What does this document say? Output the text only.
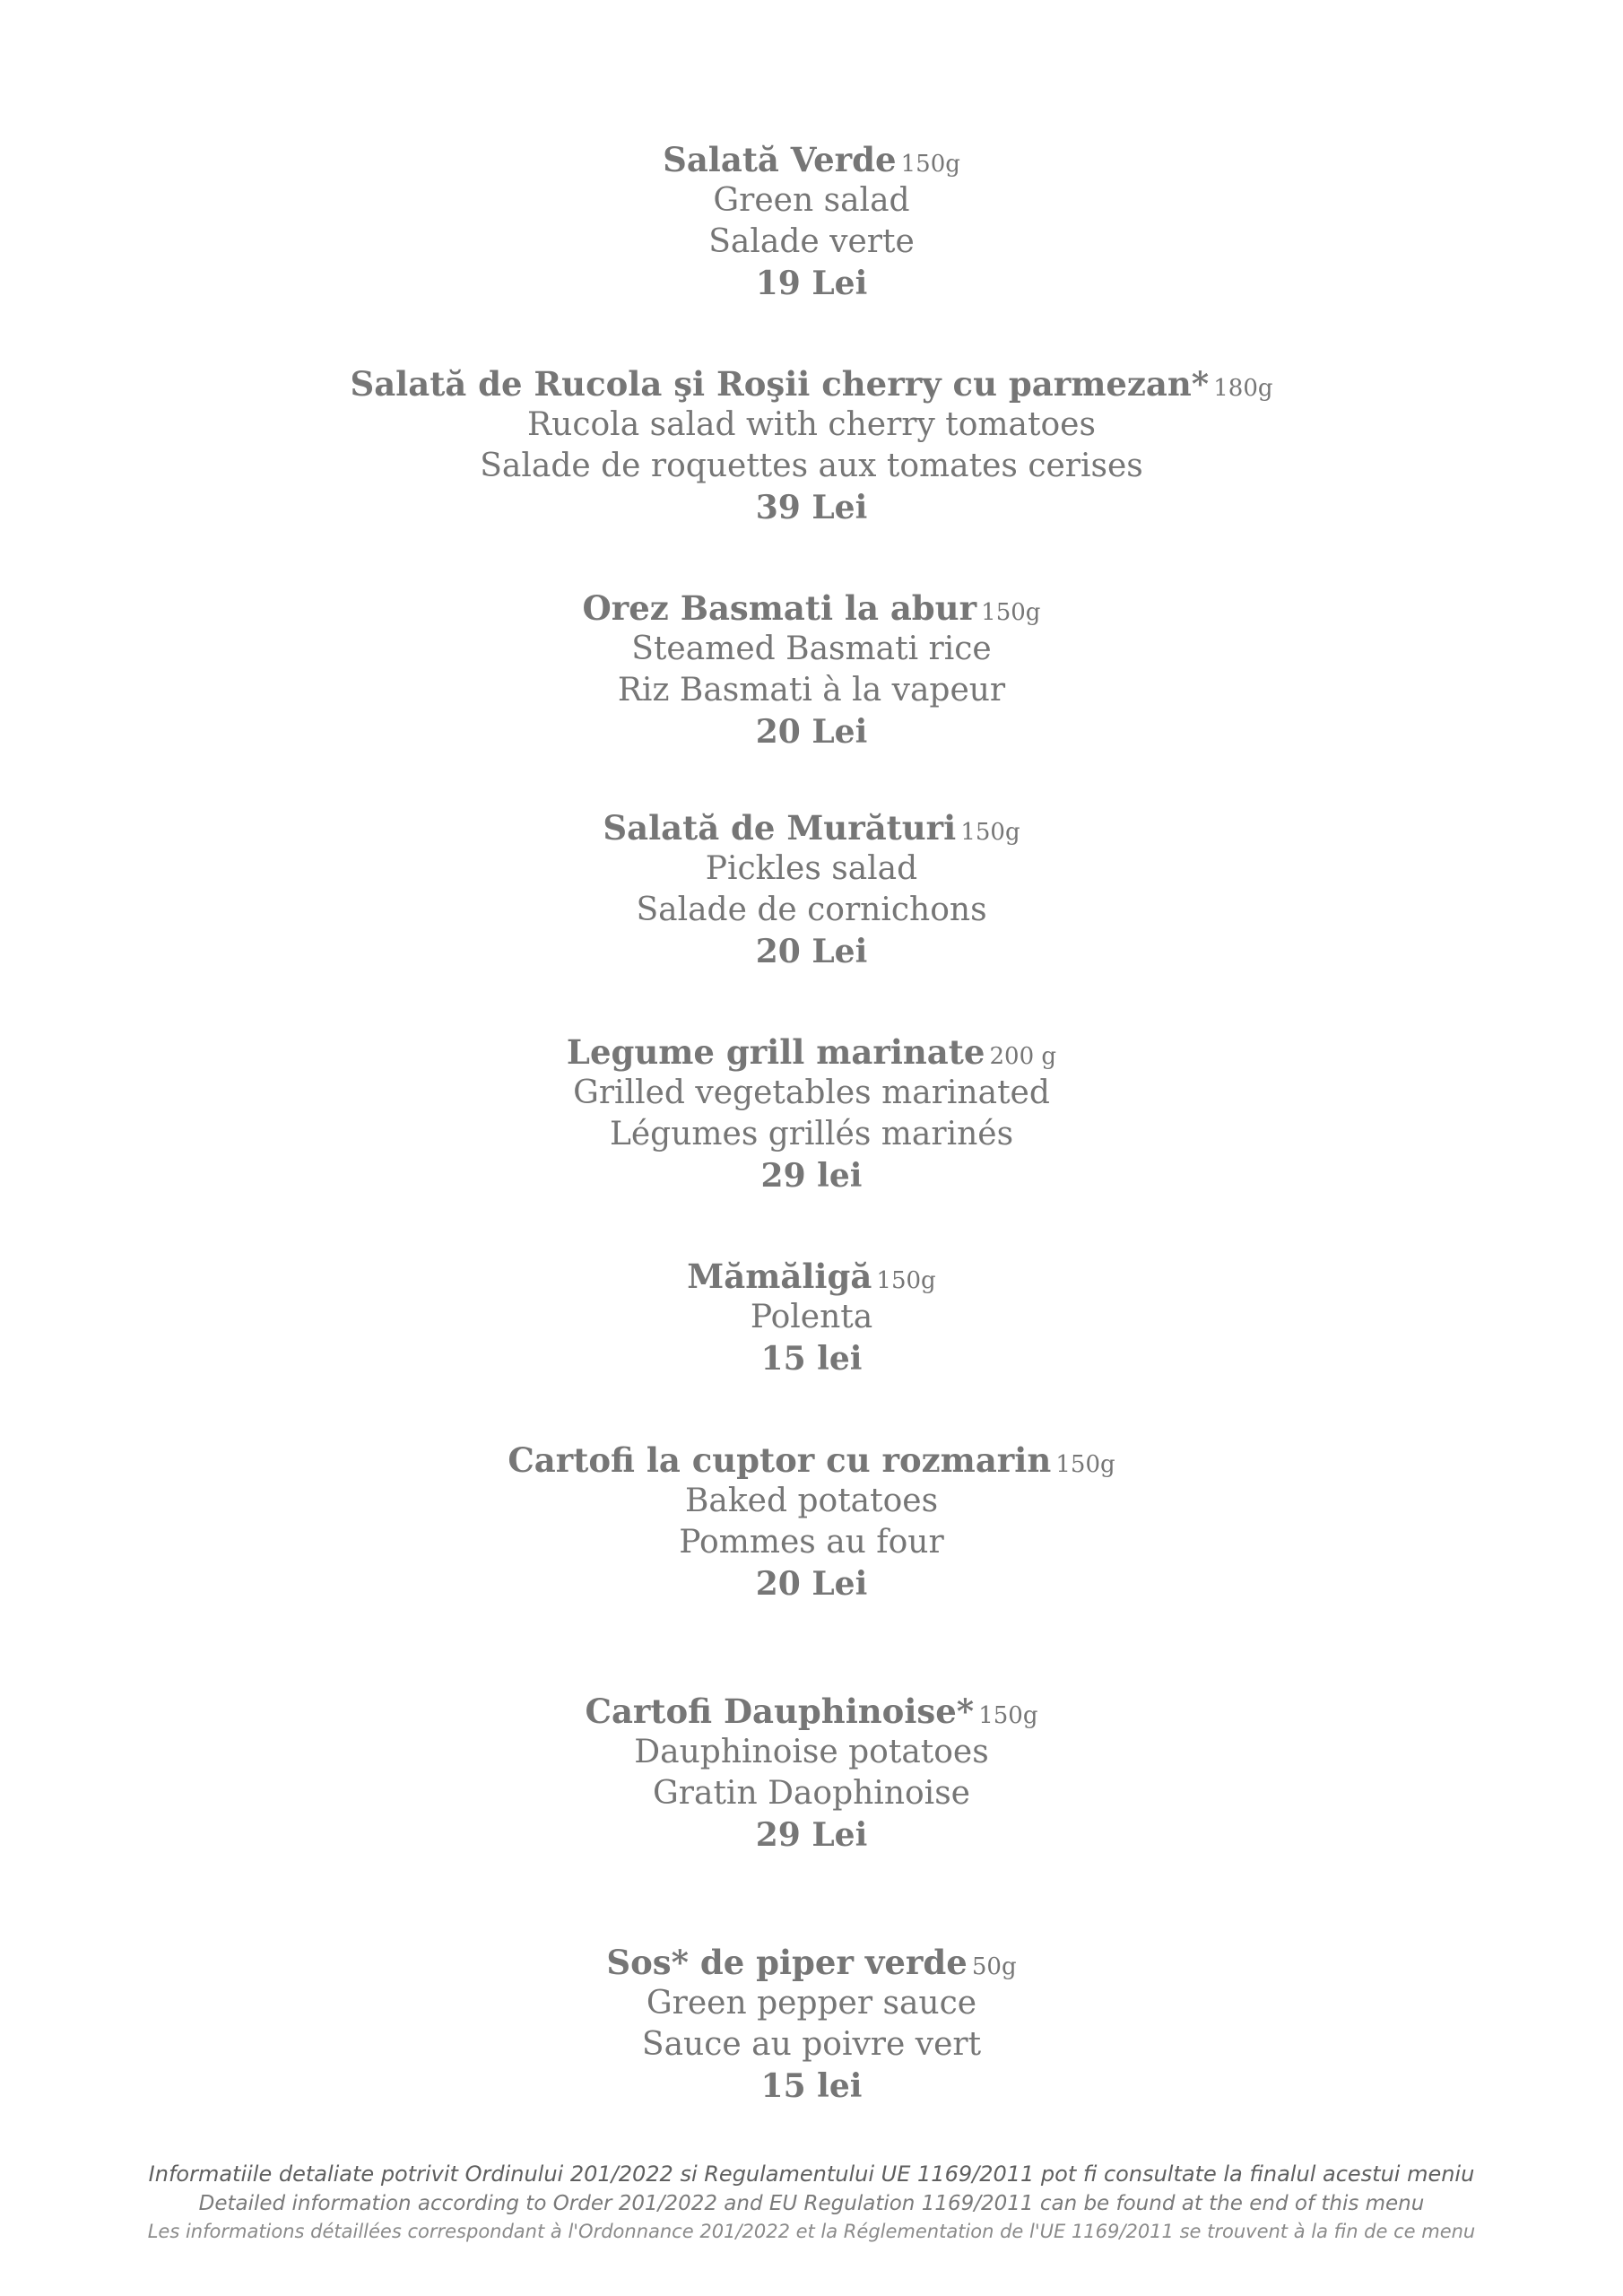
Salată Verde 150g
Green salad
Salade verte
19 Lei
Salată de Rucola şi Roşii cherry cu parmezan* 180g
Rucola salad with cherry tomatoes
Salade de roquettes aux tomates cerises
39 Lei
Orez Basmati la abur 150g
Steamed Basmati rice
Riz Basmati à la vapeur
20 Lei
Salată de Murături 150g
Pickles salad
Salade de cornichons
20 Lei
Legume grill marinate 200 g
Grilled vegetables marinated
Légumes grillés marinés
29 lei
Mămăligă 150g
Polenta
15 lei
Cartofi la cuptor cu rozmarin 150g
Baked potatoes
Pommes au four
20 Lei
Cartofi Dauphinoise* 150g
Dauphinoise potatoes
Gratin Daophinoise
29 Lei
Sos* de piper verde 50g
Green pepper sauce
Sauce au poivre vert
15 lei
Informatiile detaliate potrivit Ordinului 201/2022 si Regulamentului UE 1169/2011 pot fi consultate la finalul acestui meniu
Detailed information according to Order 201/2022 and EU Regulation 1169/2011 can be found at the end of this menu
Les informations détaillées correspondant à l'Ordonnance 201/2022 et la Réglementation de l'UE 1169/2011 se trouvent à la fin de ce menu
